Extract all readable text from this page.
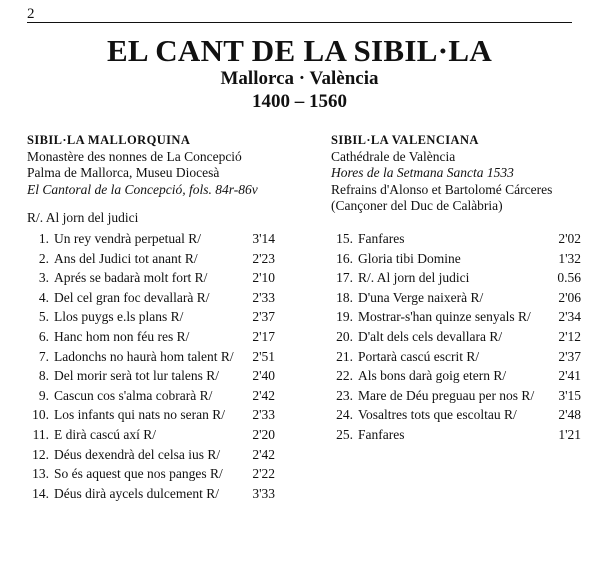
2
EL CANT DE LA SIBIL·LA
Mallorca · València
1400 – 1560
SIBIL·LA MALLORQUINA
Monastère des nonnes de La Concepció
Palma de Mallorca, Museu Diocesà
El Cantoral de la Concepció, fols. 84r-86v
SIBIL·LA VALENCIANA
Cathédrale de València
Hores de la Setmana Sancta 1533
Refrains d'Alonso et Bartolomé Cárceres
(Cançoner del Duc de Calàbria)
R/. Al jorn del judici
1. Un rey vendrà perpetual R/	3'14
2. Ans del Judici tot anant R/	2'23
3. Aprés se badarà molt fort R/	2'10
4. Del cel gran foc devallarà R/	2'33
5. Llos puygs e.ls plans R/	2'37
6. Hanc hom non féu res R/	2'17
7. Ladonchs no haurà hom talent R/ 2'51
8. Del morir serà tot lur talens R/ 2'40
9. Cascun cos s'alma cobrarà R/	2'42
10. Los infants qui nats no seran R/ 2'33
11. E dirà cascú axí R/	2'20
12. Déus dexendrà del celsa ius R/ 2'42
13. So és aquest que nos panges R/ 2'22
14. Déus dirà aycels dulcement R/ 3'33
15. Fanfares	2'02
16. Gloria tibi Domine	1'32
17. R/. Al jorn del judici	0.56
18. D'una Verge naixerà R/	2'06
19. Mostrar-s'han quinze senyals R/ 2'34
20. D'alt dels cels devallara R/	2'12
21. Portarà cascú escrit R/	2'37
22. Als bons darà goig etern R/	2'41
23. Mare de Déu preguau per nos R/ 3'15
24. Vosaltres tots que escoltau R/	2'48
25. Fanfares	1'21
